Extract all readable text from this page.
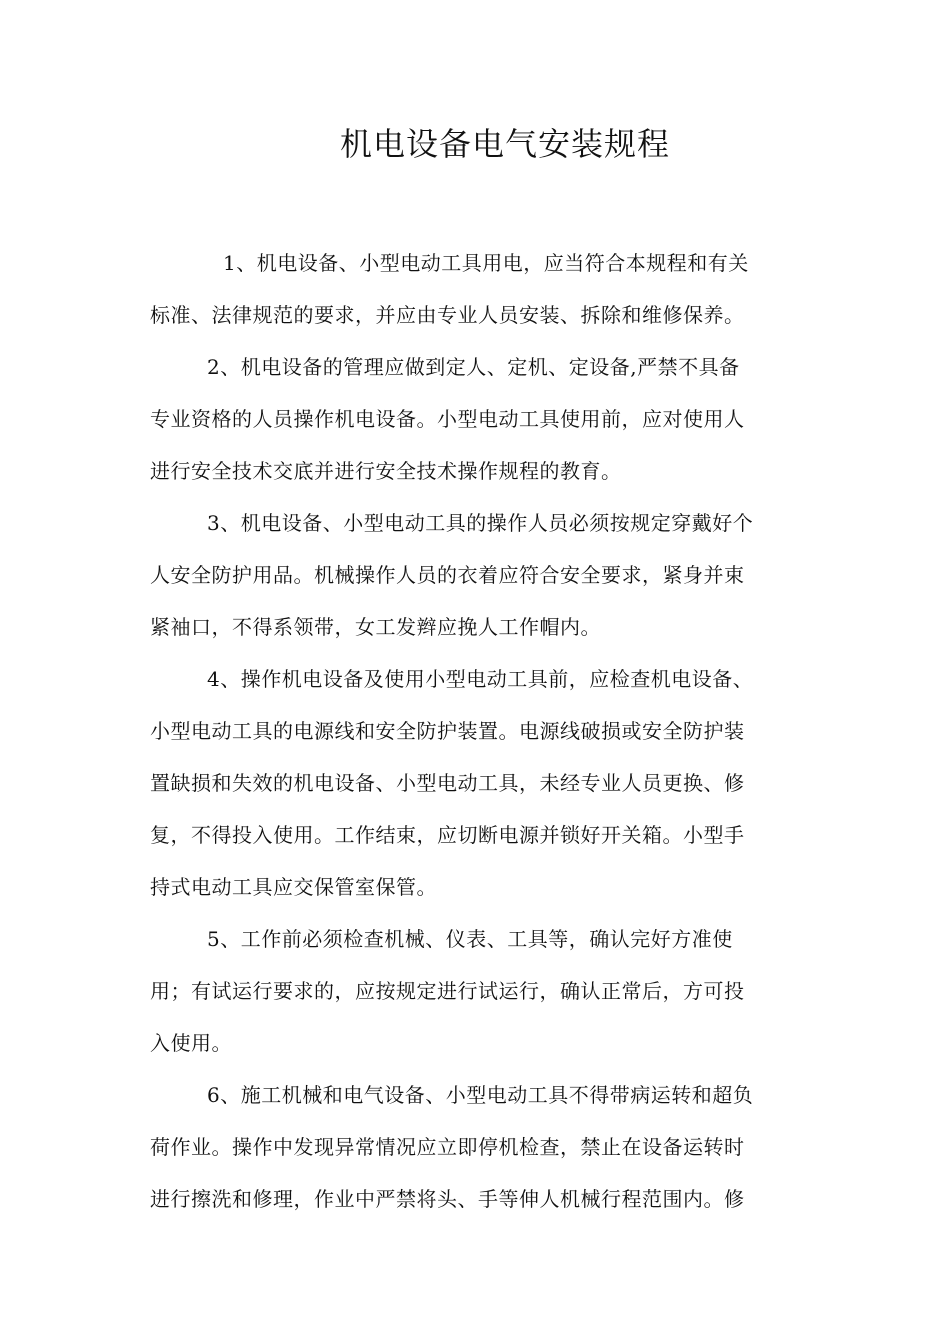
机电设备电气安装规程
1、机电设备、小型电动工具用电，应当符合本规程和有关
标准、法律规范的要求，并应由专业人员安装、拆除和维修保养。
2、机电设备的管理应做到定人、定机、定设备,严禁不具备
专业资格的人员操作机电设备。小型电动工具使用前，应对使用人
进行安全技术交底并进行安全技术操作规程的教育。
3、机电设备、小型电动工具的操作人员必须按规定穿戴好个
人安全防护用品。机械操作人员的衣着应符合安全要求，紧身并束
紧袖口，不得系领带，女工发辫应挽人工作帽内。
4、操作机电设备及使用小型电动工具前，应检查机电设备、
小型电动工具的电源线和安全防护装置。电源线破损或安全防护装
置缺损和失效的机电设备、小型电动工具，未经专业人员更换、修
复，不得投入使用。工作结束，应切断电源并锁好开关箱。小型手
持式电动工具应交保管室保管。
5、工作前必须检查机械、仪表、工具等，确认完好方准使
用；有试运行要求的，应按规定进行试运行，确认正常后，方可投
入使用。
6、施工机械和电气设备、小型电动工具不得带病运转和超负
荷作业。操作中发现异常情况应立即停机检查，禁止在设备运转时
进行擦洗和修理，作业中严禁将头、手等伸人机械行程范围内。修
